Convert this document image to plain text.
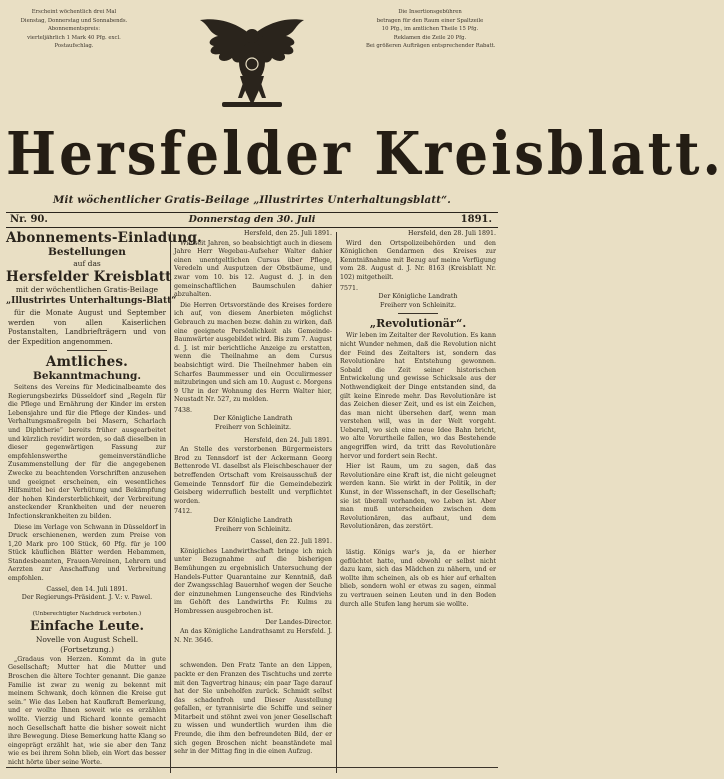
Erscheint wöchentlich drei Mal
Dienstag, Donnerstag und Sonnabends.
Abonnementspreis:
vierteljährlich 1 Mark 40 Pfg. excl.
Postaufschlag.
Die Insertionsgebühren
betragen für den Raum einer Spaltzeile
10 Pfg., im amtlichen Theile 15 Pfg.
Reklamen die Zeile 20 Pfg.
Bei größeren Aufträgen entsprechender Rabatt.
Hersfelder Kreisblatt.
Mit wöchentlicher Gratis-Beilage „Illustrirtes Unterhaltungsblatt“.
Nr. 90.	Donnerstag den 30. Juli	1891.
Abonnements-Einladung.
Bestellungen
auf das
Hersfelder Kreisblatt
mit der wöchentlichen Gratis-Beilage
„Illustrirtes Unterhaltungs-Blatt“

für die Monate August und September werden von allen Kaiserlichen Postanstalten, Landbriefträgern und von der Expedition angenommen.

Amtliches.
Bekanntmachung.

Seitens des Vereins für Medicinalbeamte des Regierungsbezirks Düsseldorf sind „Regeln für die Pflege und Ernährung der Kinder im ersten Lebensjahre und für die Pflege der Kindes- und Verhaltungsmaßregeln bei Masern, Scharlach und Diphtherie“ bereits früher ausgearbeitet und kürzlich revidirt worden, so daß dieselben in dieser gegenwärtigen Fassung zur empfehlenswerthe gemeinverständliche Zusammenstellung der für die angegebenen Zwecke zu beachtenden Vorschriften anzusehen und geeignet erscheinen, ein wesentliches Hilfsmittel bei der Verhütung und Bekämpfung der hohen Kindersterblichkeit, der Verbreitung ansteckender Krankheiten und der neueren Infectionskrankheiten zu bilden.

Diese im Verlage von Schwann in Düsseldorf in Druck erschienenen, werden zum Preise von 1,20 Mark pro 100 Stück, 60 Pfg. für je 100 Stück käuflichen Blätter werden Hebammen, Standesbeamten, Frauen-Vereinen, Lehrern und Aerzten zur Anschaffung und Verbreitung empfohlen.

Cassel, den 14. Juli 1891.
Der Regierungs-Präsident. J. V.: v. Pawel.
(Unberechtigter Nachdruck verboten.)
Einfache Leute.
Novelle von August Schell.
(Fortsetzung.)

„Gradaus von Herzen. Kommt da in gute Gesellschaft; Mutter hat die Mutter und Broschen die ältere Tochter genannt. Die ganze Familie ist zwar zu wenig zu bekennt mit meinem Schwank, doch können die Kreise gut sein.“ Wie das Leben hat Kaufkraft Bemerkung, und er wollte Ihnen soweit wie es erzählen wollte. Vierzig und Richard konnte gemacht noch Gesellschaft hatte die bisher soweit nicht ihre Bewegung. Diese Bemerkung hatte Klang so eingeprägt erzählt hat, wie sie aber den Tanz wie es bei ihrem Sohn blieb, ein Wort das besser nicht hörte über seine Worte.

Hersfeld, den 25. Juli 1891.

Wie seit Jahren, so beabsichtigt auch in diesem Jahre Herr Wegebau-Aufseher Walter dahier einen unentgeltlichen Cursus über Pflege, Veredeln und Ausputzen der Obstbäume, und zwar vom 10. bis 12. August d. J. in den gemeinschaftlichen Baumschulen dahier abzuhalten.

Die Herren Ortsvorstände des Kreises fordere ich auf, von diesem Anerbieten möglichst Gebrauch zu machen bezw. dahin zu wirken, daß eine geeignete Persönlichkeit als Gemeinde-Baumwärter ausgebildet wird. Bis zum 7. August d. J. ist mir berichtliche Anzeige zu erstatten, wenn die Theilnahme an dem Cursus beabsichtigt wird. Die Theilnehmer haben ein Scharfes Baummesser und ein Occulirmesser mitzubringen und sich am 10. August c. Morgens 9 Uhr in der Wohnung des Herrn Walter hier, Neustadt Nr. 527, zu melden.

7438.
Der Königliche Landrath
Freiherr von Schleinitz.
Hersfeld, den 24. Juli 1891.

An Stelle des verstorbenen Bürgermeisters Brod zu Tennsdorf ist der Ackermann Georg Bettenrode VI. daselbst als Fleischbeschauer der betreffenden Ortschaft vom Kreisausschuß der Gemeinde Tennsdorf für die Gemeindebezirk Geisberg widerruflich bestellt und verpflichtet worden.

7412.
Der Königliche Landrath
Freiherr von Schleinitz.
Cassel, den 22. Juli 1891.

Königliches Landwirthschaft bringe ich mich unter Bezugnahme auf die bisherigen Bemühungen zu ergebnislich Untersuchung der Handels-Futter Quarantaine zur Kenntniß, daß der Zwangsschlag Bauernhof wegen der Seuche der einzunehmen Lungenseuche des Rindviehs im Gehöft des Landwirths Fr. Kulms zu Hombressen ausgebrochen ist.

Der Landes-Director.

An das Königliche Landrathsamt zu Hersfeld. J. N. Nr. 3646.

schwenden. Den Fratz Tante an den Lippen, packte er den Franzen des Tischtuchs und zerrte mit den Tagvertrag hinaus; ein paar Tage darauf hat der Sie unbeholfen zurück. Schmidt selbst das schadenfroh und Dieser Ausstellung gefallen, er tyrannisirte die Schiffe und seiner Mitarbeit und stöhnt zwei von jener Gesellschaft zu wissen und wundertlich wurden ihm die Freunde, die ihm den befreundeten Bild, der er sich gegen Broschen nicht beanständete mal sehr in der Mittag fing in die einen Aufzug.

Hersfeld, den 28. Juli 1891.

Wird den Ortspolizeibehörden und den Königlichen Gendarmen des Kreises zur Kenntnißnahme mit Bezug auf meine Verfügung vom 28. August d. J. Nr. 8163 (Kreisblatt Nr. 102) mitgetheilt.

7571.
Der Königliche Landrath
Freiherr von Schleinitz.
„Revolutionär“.

Wir leben im Zeitalter der Revolution. Es kann nicht Wunder nehmen, daß die Revolution nicht der Feind des Zeitalters ist, sondern das Revolutionäre hat Entstehung gewonnen. Sobald die Zeit seiner historischen Entwickelung und gewisse Schicksale aus der Nothwendigkeit der Dinge entstanden sind, da gilt keine Einrede mehr. Das Revolutionäre ist das Zeichen dieser Zeit, und es ist ein Zeichen, das man nicht übersehen darf, wenn man verstehen will, was in der Welt vorgeht. Ueberall, wo sich eine neue Idee Bahn bricht, wo alte Vorurtheile fallen, wo das Bestehende angegriffen wird, da tritt das Revolutionäre hervor und fordert sein Recht.

Hier ist Raum, um zu sagen, daß das Revolutionäre eine Kraft ist, die nicht geleugnet werden kann. Sie wirkt in der Politik, in der Kunst, in der Wissenschaft, in der Gesellschaft; sie ist überall vorhanden, wo Leben ist. Aber man muß unterscheiden zwischen dem Revolutionären, das aufbaut, und dem Revolutionären, das zerstört.

lästig. Königs war's ja, da er hierher geflüchtet hatte, und obwohl er selbst nicht dazu kam, sich das Mädchen zu nähern, und er wollte ihm scheinen, als ob es hier auf erhalten blieb, sondern wohl er etwas zu sagen, einmal zu vertrauen seinen Leuten und in den Boden durch alle Stufen lang herum sie wollte.
